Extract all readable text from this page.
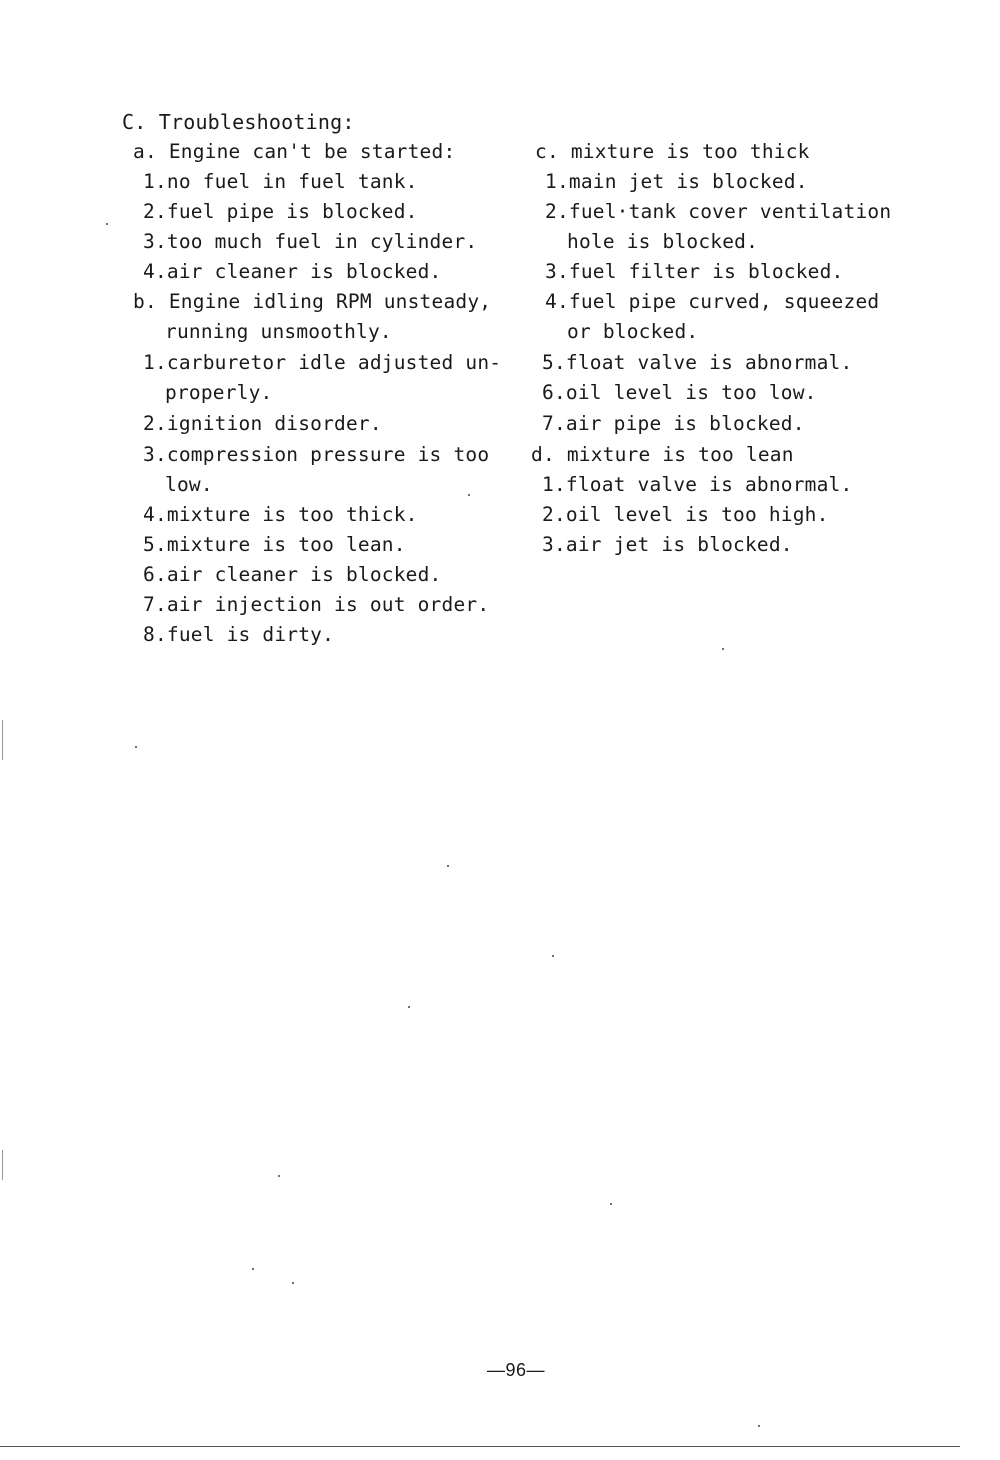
C. Troubleshooting:
a. Engine can't be started:
1.no fuel in fuel tank.
2.fuel pipe is blocked.
3.too much fuel in cylinder.
4.air cleaner is blocked.
b. Engine idling RPM unsteady,
running unsmoothly.
1.carburetor idle adjusted un-
properly.
2.ignition disorder.
3.compression pressure is too
low.
4.mixture is too thick.
5.mixture is too lean.
6.air cleaner is blocked.
7.air injection is out order.
8.fuel is dirty.
c. mixture is too thick
1.main jet is blocked.
2.fuel·tank cover ventilation
hole is blocked.
3.fuel filter is blocked.
4.fuel pipe curved, squeezed
or blocked.
5.float valve is abnormal.
6.oil level is too low.
7.air pipe is blocked.
d. mixture is too lean
1.float valve is abnormal.
2.oil level is too high.
3.air jet is blocked.
—96—
